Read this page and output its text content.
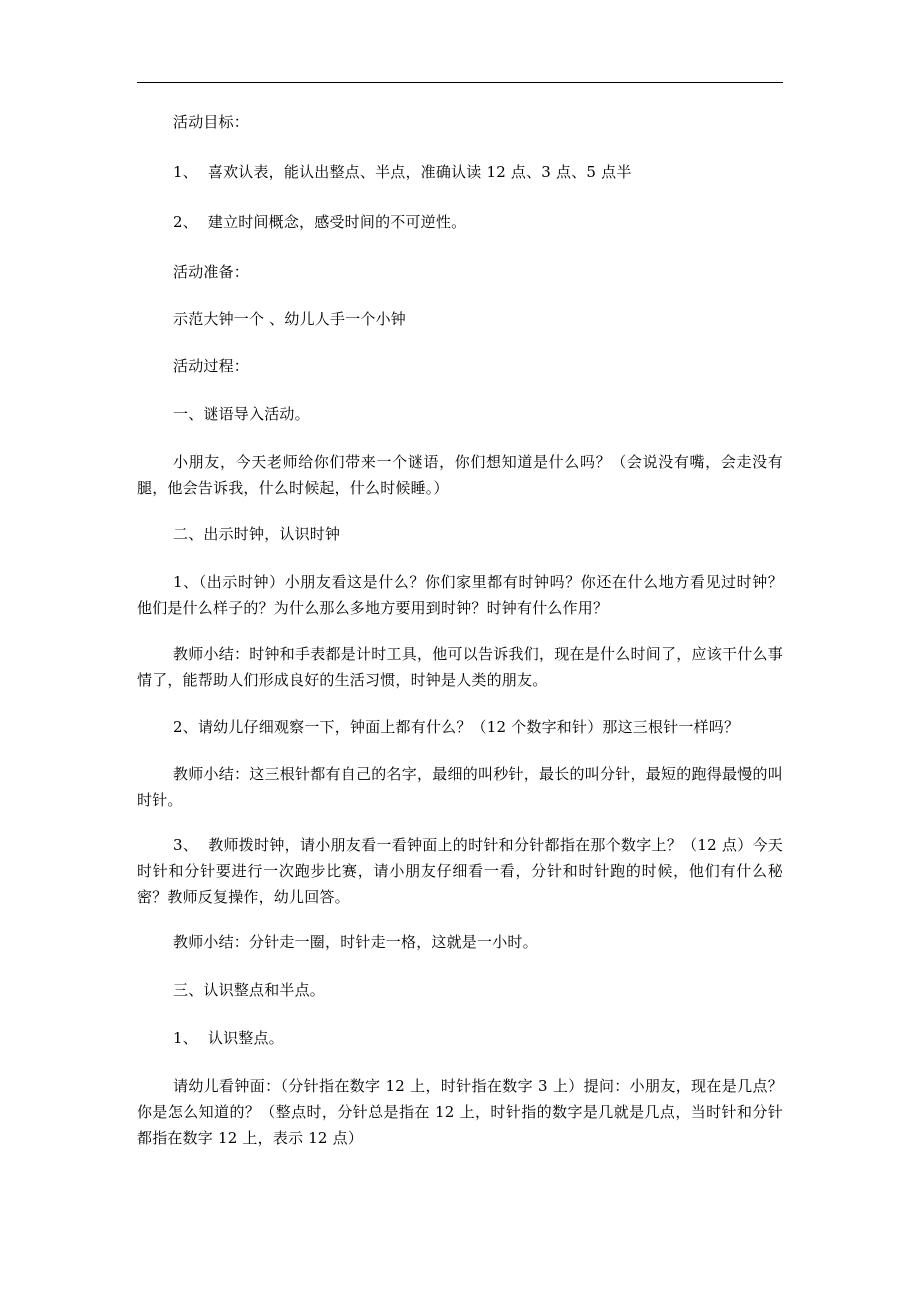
活动目标：

1、  喜欢认表，能认出整点、半点，准确认读 12 点、3 点、5 点半

2、  建立时间概念，感受时间的不可逆性。

活动准备：

示范大钟一个 、幼儿人手一个小钟

活动过程：

一、谜语导入活动。

小朋友，今天老师给你们带来一个谜语，你们想知道是什么吗？（会说没有嘴，会走没有腿，他会告诉我，什么时候起，什么时候睡。）

二、出示时钟，认识时钟

1、（出示时钟）小朋友看这是什么？你们家里都有时钟吗？你还在什么地方看见过时钟？他们是什么样子的？为什么那么多地方要用到时钟？时钟有什么作用？

教师小结：时钟和手表都是计时工具，他可以告诉我们，现在是什么时间了，应该干什么事情了，能帮助人们形成良好的生活习惯，时钟是人类的朋友。

2、请幼儿仔细观察一下，钟面上都有什么？（12 个数字和针）那这三根针一样吗？

教师小结：这三根针都有自己的名字，最细的叫秒针，最长的叫分针，最短的跑得最慢的叫时针。

3、  教师拨时钟，请小朋友看一看钟面上的时针和分针都指在那个数字上？（12 点）今天时针和分针要进行一次跑步比赛，请小朋友仔细看一看，分针和时针跑的时候，他们有什么秘密？教师反复操作，幼儿回答。

教师小结：分针走一圈，时针走一格，这就是一小时。

三、认识整点和半点。

1、  认识整点。

请幼儿看钟面：（分针指在数字 12 上，时针指在数字 3 上）提问：小朋友，现在是几点？你是怎么知道的？（整点时，分针总是指在 12 上，时针指的数字是几就是几点，当时针和分针都指在数字 12 上，表示 12 点）
